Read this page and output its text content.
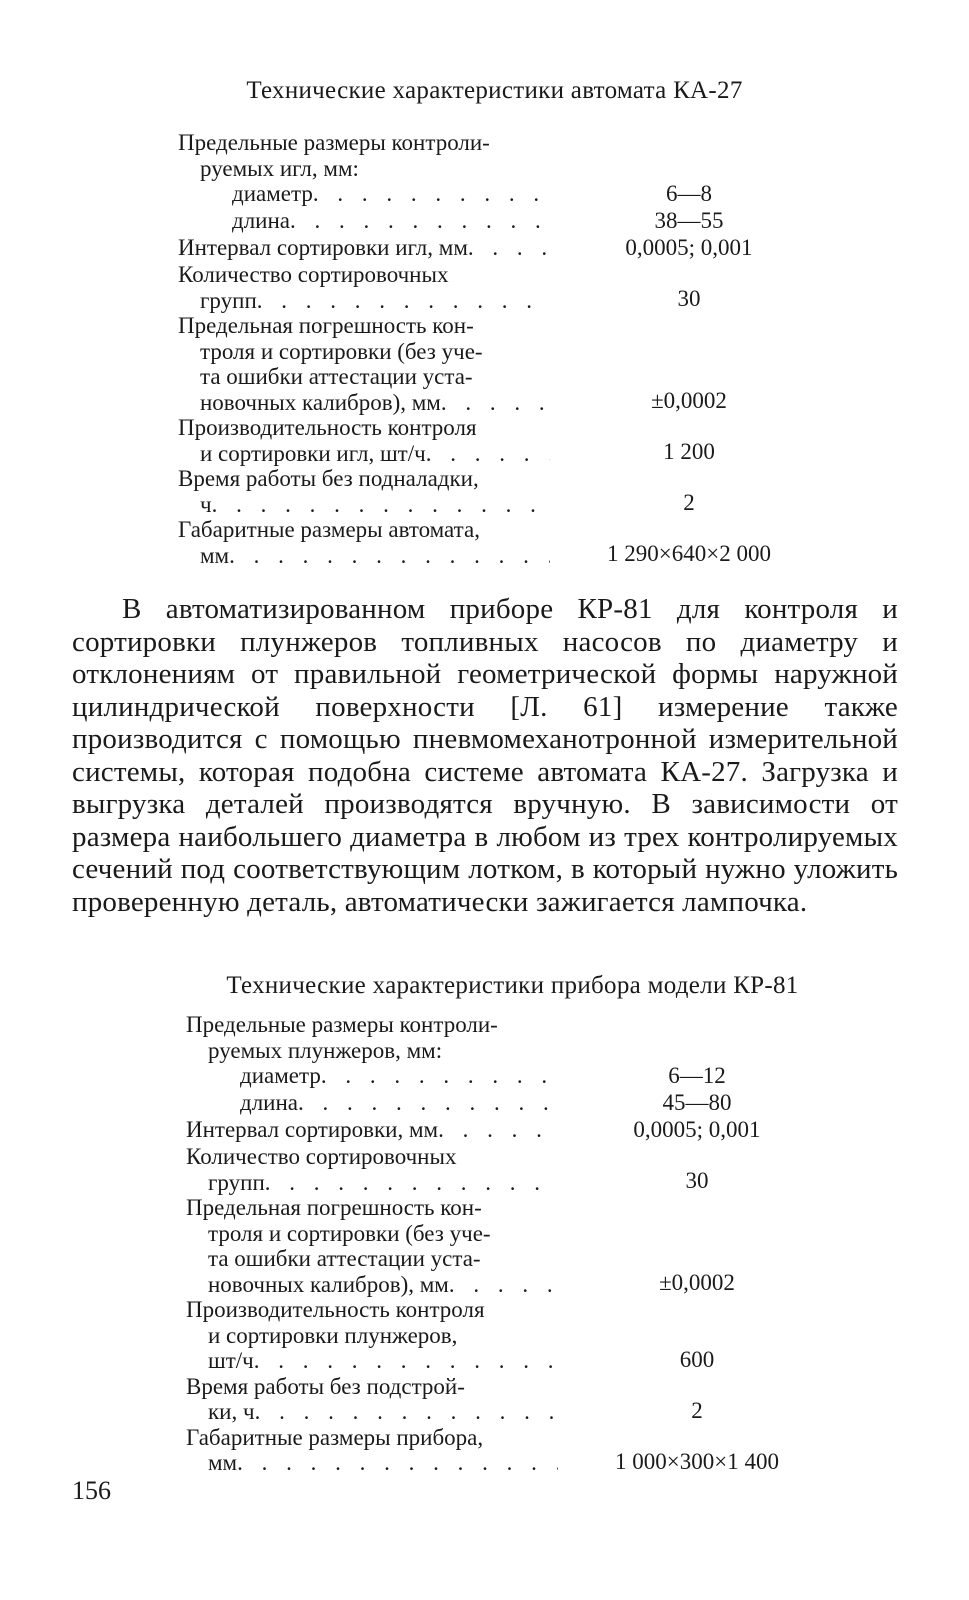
Технические характеристики автомата КА-27
Предельные размеры контроли-
руемых игл, мм:
диаметр . . .	6—8
длина . . .	38—55
Интервал сортировки игл, мм . . .	0,0005; 0,001
Количество сортировочных
групп . . .	30
Предельная погрешность кон-
троля и сортировки (без уче-
та ошибки аттестации уста-
новочных калибров), мм . . .	±0,0002
Производительность контроля
и сортировки игл, шт/ч . . .	1 200
Время работы без подналадки,
ч . . .	2
Габаритные размеры автомата,
мм . . .	1 290×640×2 000

В автоматизированном приборе КР-81 для контроля и сортировки плунжеров топливных насосов по диаметру и отклонениям от правильной геометрической формы наружной цилиндрической поверхности [Л. 61] измерение также производится с помощью пневмомеханотронной измерительной системы, которая подобна системе автомата КА-27. Загрузка и выгрузка деталей производятся вручную. В зависимости от размера наибольшего диаметра в любом из трех контролируемых сечений под соответствующим лотком, в который нужно уложить проверенную деталь, автоматически зажигается лампочка.

Технические характеристики прибора модели КР-81
Предельные размеры контроли-
руемых плунжеров, мм:
диаметр . . .	6—12
длина . . .	45—80
Интервал сортировки, мм . . .	0,0005; 0,001
Количество сортировочных
групп . . .	30
Предельная погрешность кон-
троля и сортировки (без уче-
та ошибки аттестации уста-
новочных калибров), мм . . .	±0,0002
Производительность контроля
и сортировки плунжеров,
шт/ч . . .	600
Время работы без подстрой-
ки, ч . . .	2
Габаритные размеры прибора,
мм . . .	1 000×300×1 400
156
